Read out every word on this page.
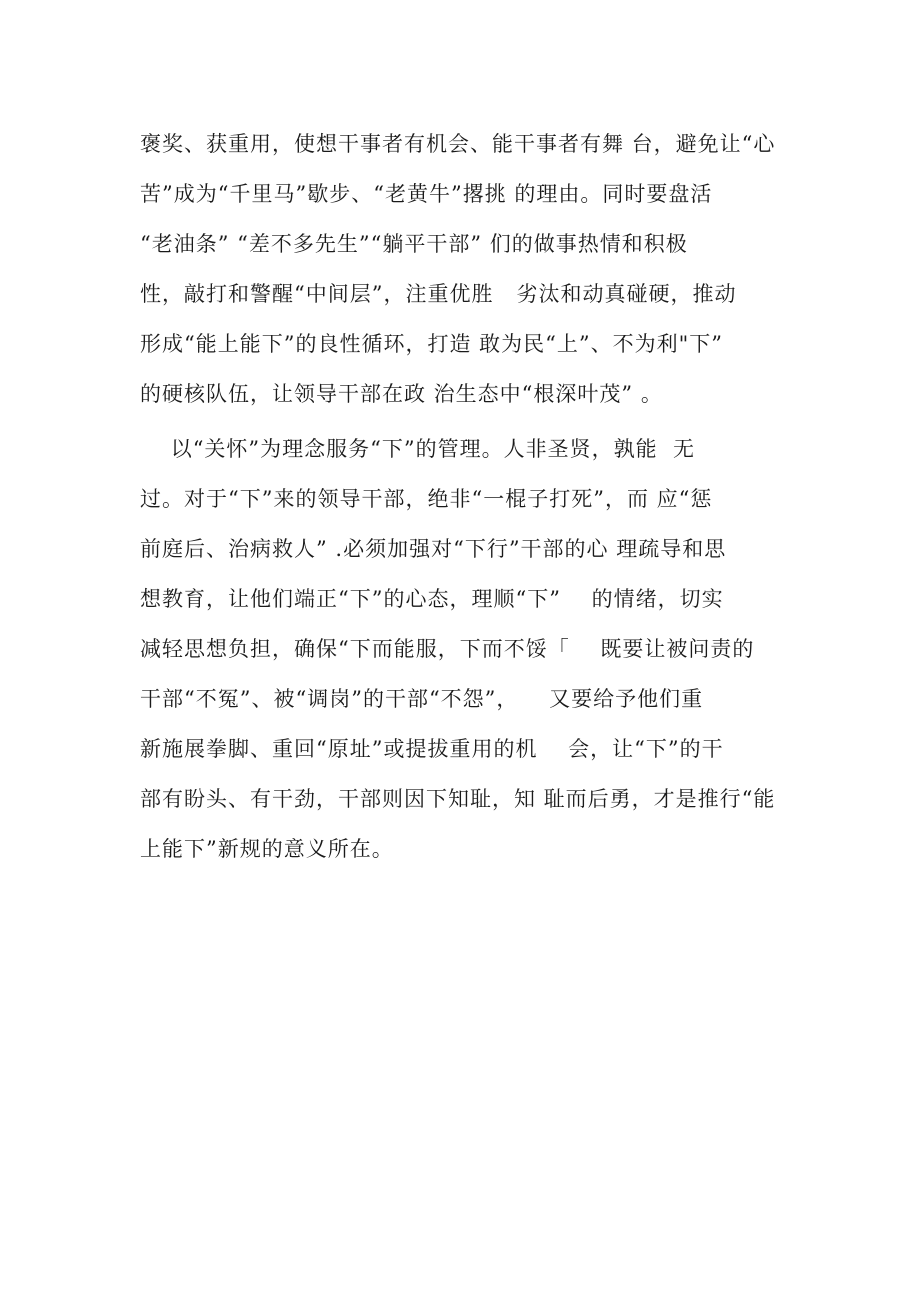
褒奖、获重用，使想干事者有机会、能干事者有舞 台，避免让“心
苦”成为“千里马”歇步、“老黄牛”撂挑 的理由。同时要盘活
“老油条” “差不多先生”“躺平干部” 们的做事热情和积极
性，敲打和警醒“中间层”，注重优胜   劣汰和动真碰硬，推动
形成“能上能下”的良性循环，打造 敢为民“上”、不为利"下”
的硬核队伍，让领导干部在政 治生态中“根深叶茂” 。
以“关怀”为理念服务“下”的管理。人非圣贤，孰能  无
过。对于“下”来的领导干部，绝非“一棍子打死”，而 应“惩
前庭后、治病救人” .必须加强对“下行”干部的心 理疏导和思
想教育，让他们端正“下”的心态，理顺“下”    的情绪，切实
减轻思想负担，确保“下而能服，下而不馁「    既要让被问责的
干部“不冤”、被“调岗”的干部“不怨”，    又要给予他们重
新施展拳脚、重回“原址”或提拔重用的机    会，让“下”的干
部有盼头、有干劲，干部则因下知耻，知 耻而后勇，才是推行“能
上能下”新规的意义所在。
